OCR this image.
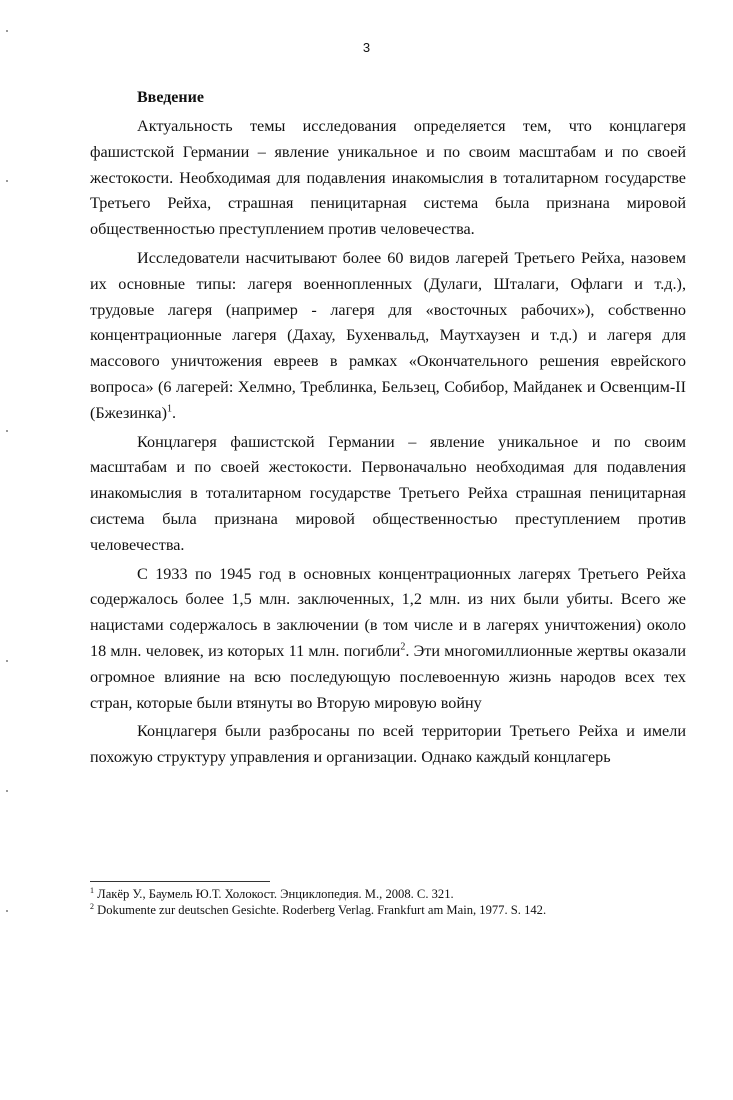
3
Введение

Актуальность темы исследования определяется тем, что концлагеря фашистской Германии – явление уникальное и по своим масштабам и по своей жестокости. Необходимая для подавления инакомыслия в тоталитарном государстве Третьего Рейха, страшная пеницитарная система была признана мировой общественностью преступлением против человечества.

Исследователи насчитывают более 60 видов лагерей Третьего Рейха, назовем их основные типы: лагеря военнопленных (Дулаги, Шталаги, Офлаги и т.д.), трудовые лагеря (например - лагеря для «восточных рабочих»), собственно концентрационные лагеря (Дахау, Бухенвальд, Маутхаузен и т.д.) и лагеря для массового уничтожения евреев в рамках «Окончательного решения еврейского вопроса» (6 лагерей: Хелмно, Треблинка, Бельзец, Собибор, Майданек и Освенцим-II (Бжезинка)$^1$.

Концлагеря фашистской Германии – явление уникальное и по своим масштабам и по своей жестокости. Первоначально необходимая для подавления инакомыслия в тоталитарном государстве Третьего Рейха страшная пеницитарная система была признана мировой общественностью преступлением против человечества.

С 1933 по 1945 год в основных концентрационных лагерях Третьего Рейха содержалось более 1,5 млн. заключенных, 1,2 млн. из них были убиты. Всего же нацистами содержалось в заключении (в том числе и в лагерях уничтожения) около 18 млн. человек, из которых 11 млн. погибли$^2$. Эти многомиллионные жертвы оказали огромное влияние на всю последующую послевоенную жизнь народов всех тех стран, которые были втянуты во Вторую мировую войну

Концлагеря были разбросаны по всей территории Третьего Рейха и имели похожую структуру управления и организации. Однако каждый концлагерь

$^1$ Лакёр У., Баумель Ю.Т. Холокост. Энциклопедия. М., 2008. С. 321.

$^2$ Dokumente zur deutschen Gesichte. Roderberg Verlag. Frankfurt am Main, 1977. S. 142.
